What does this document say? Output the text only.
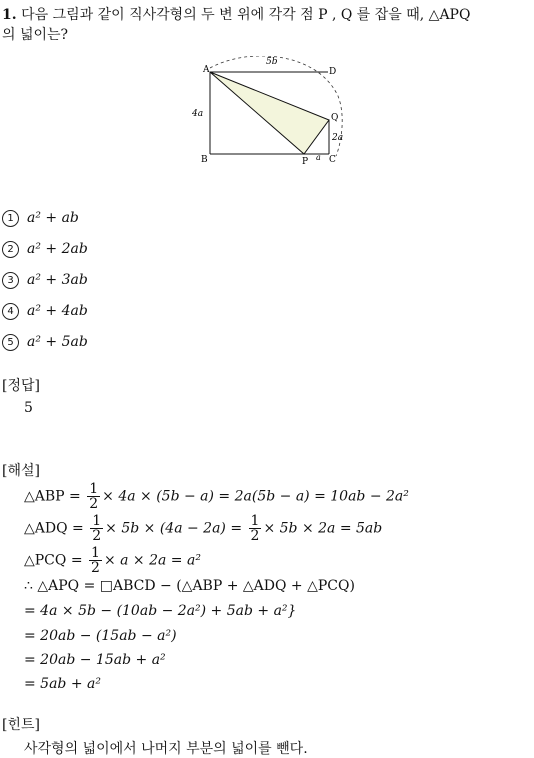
1. 다음 그림과 같이 직사각형의 두 변 위에 각각 점 P , Q 를 잡을 때, △APQ
의 넓이는?
A
B	C
D
P
Q
5b
4a
2a
a
1 a² + ab
2 a² + 2ab
3 a² + 3ab
4 a² + 4ab
5 a² + 5ab
[정답]
5
[해설]
△ABP = $\frac{1}{2} \times 4a \times (5b - a) = 2a(5b - a) = 10ab - 2a^2$
△ADQ = $\frac{1}{2} \times 5b \times (4a - 2a) = \frac{1}{2} \times 5b \times 2a = 5ab$
△PCQ = $\frac{1}{2} \times a \times 2a = a^2$
∴ △APQ = □ABCD − (△ABP + △ADQ + △PCQ)
= 4a × 5b − (10ab − 2a²) + 5ab + a²}
= 20ab − (15ab − a²)
= 20ab − 15ab + a²
= 5ab + a²
[힌트]
사각형의 넓이에서 나머지 부분의 넓이를 뺀다.
